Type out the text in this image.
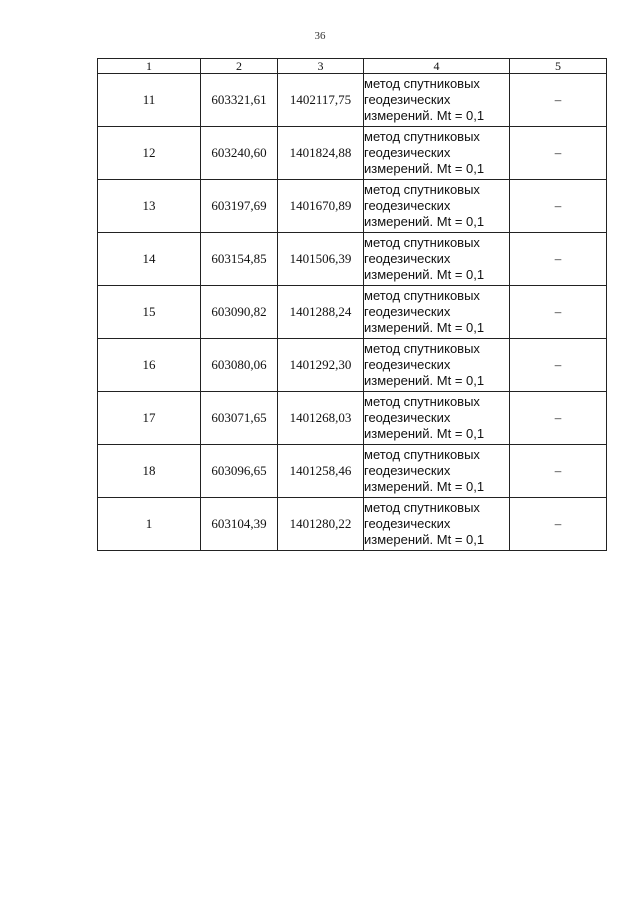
36
1	2	3	4	5
11	603321,61	1402117,75	метод спутниковых
геодезических
измерений. Mt = 0,1	–
12	603240,60	1401824,88	метод спутниковых
геодезических
измерений. Mt = 0,1	–
13	603197,69	1401670,89	метод спутниковых
геодезических
измерений. Mt = 0,1	–
14	603154,85	1401506,39	метод спутниковых
геодезических
измерений. Mt = 0,1	–
15	603090,82	1401288,24	метод спутниковых
геодезических
измерений. Mt = 0,1	–
16	603080,06	1401292,30	метод спутниковых
геодезических
измерений. Mt = 0,1	–
17	603071,65	1401268,03	метод спутниковых
геодезических
измерений. Mt = 0,1	–
18	603096,65	1401258,46	метод спутниковых
геодезических
измерений. Mt = 0,1	–
1	603104,39	1401280,22	метод спутниковых
геодезических
измерений. Mt = 0,1	–
